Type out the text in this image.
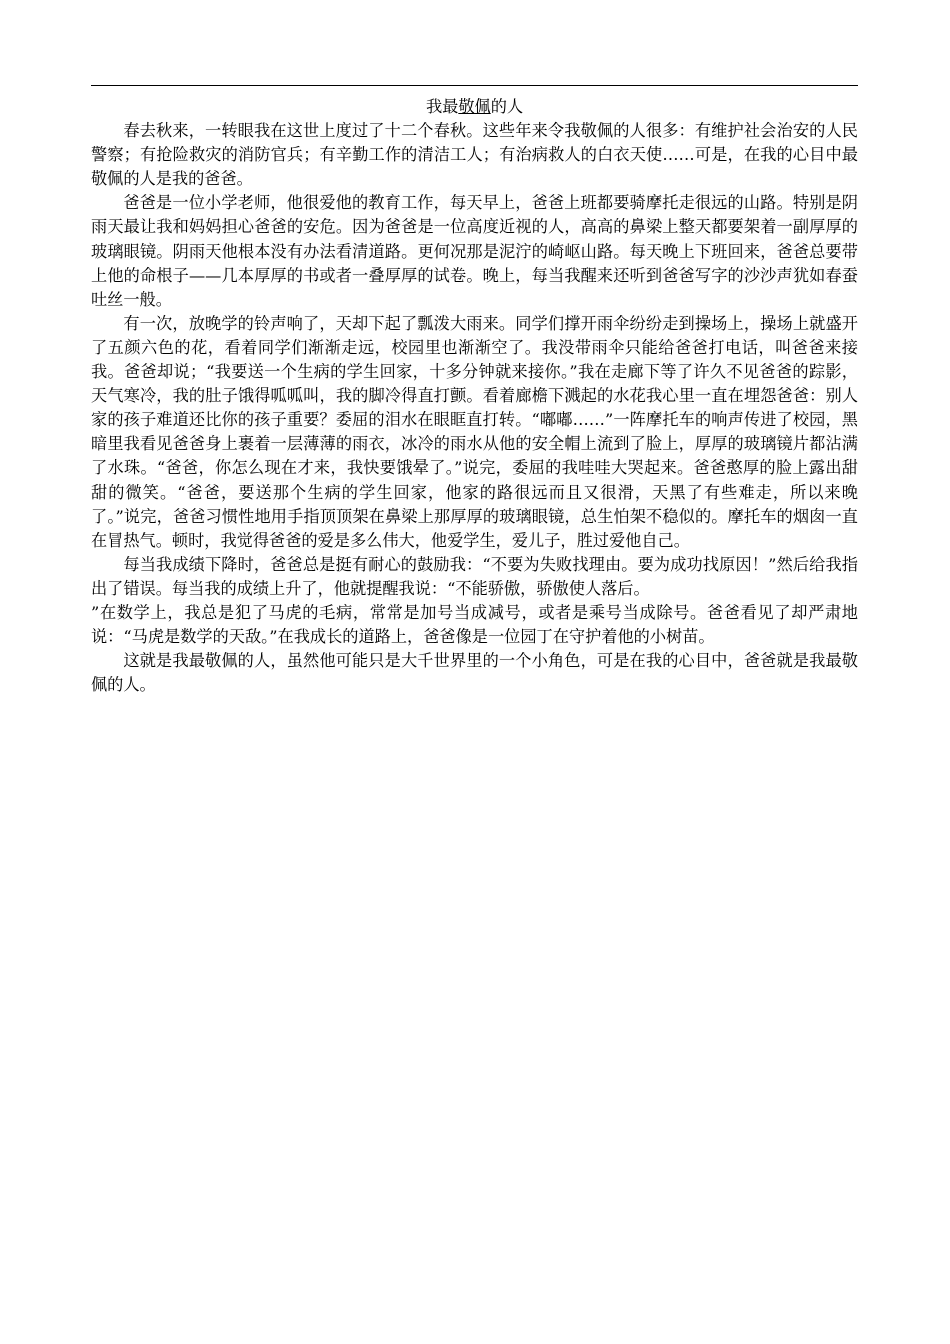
我最敬佩的人

春去秋来，一转眼我在这世上度过了十二个春秋。这些年来令我敬佩的人很多：有维护社会治安的人民警察；有抢险救灾的消防官兵；有辛勤工作的清洁工人；有治病救人的白衣天使……可是，在我的心目中最敬佩的人是我的爸爸。

爸爸是一位小学老师，他很爱他的教育工作，每天早上，爸爸上班都要骑摩托走很远的山路。特别是阴雨天最让我和妈妈担心爸爸的安危。因为爸爸是一位高度近视的人，高高的鼻梁上整天都要架着一副厚厚的玻璃眼镜。阴雨天他根本没有办法看清道路。更何况那是泥泞的崎岖山路。每天晚上下班回来，爸爸总要带上他的命根子——几本厚厚的书或者一叠厚厚的试卷。晚上，每当我醒来还听到爸爸写字的沙沙声犹如春蚕吐丝一般。

有一次，放晚学的铃声响了，天却下起了瓢泼大雨来。同学们撑开雨伞纷纷走到操场上，操场上就盛开了五颜六色的花，看着同学们渐渐走远，校园里也渐渐空了。我没带雨伞只能给爸爸打电话，叫爸爸来接我。爸爸却说；“我要送一个生病的学生回家，十多分钟就来接你。”我在走廊下等了许久不见爸爸的踪影，天气寒冷，我的肚子饿得呱呱叫，我的脚冷得直打颤。看着廊檐下溅起的水花我心里一直在埋怨爸爸：别人家的孩子难道还比你的孩子重要？委屈的泪水在眼眶直打转。“嘟嘟……”一阵摩托车的响声传进了校园，黑暗里我看见爸爸身上裹着一层薄薄的雨衣，冰冷的雨水从他的安全帽上流到了脸上，厚厚的玻璃镜片都沾满了水珠。“爸爸，你怎么现在才来，我快要饿晕了。”说完，委屈的我哇哇大哭起来。爸爸憨厚的脸上露出甜甜的微笑。“爸爸，要送那个生病的学生回家，他家的路很远而且又很滑，天黑了有些难走，所以来晚了。”说完，爸爸习惯性地用手指顶顶架在鼻梁上那厚厚的玻璃眼镜，总生怕架不稳似的。摩托车的烟囱一直在冒热气。顿时，我觉得爸爸的爱是多么伟大，他爱学生，爱儿子，胜过爱他自己。

每当我成绩下降时，爸爸总是挺有耐心的鼓励我：“不要为失败找理由。要为成功找原因！”然后给我指出了错误。每当我的成绩上升了，他就提醒我说：“不能骄傲，骄傲使人落后。

”在数学上，我总是犯了马虎的毛病，常常是加号当成减号，或者是乘号当成除号。爸爸看见了却严肃地说：“马虎是数学的天敌。”在我成长的道路上，爸爸像是一位园丁在守护着他的小树苗。

这就是我最敬佩的人，虽然他可能只是大千世界里的一个小角色，可是在我的心目中，爸爸就是我最敬佩的人。
